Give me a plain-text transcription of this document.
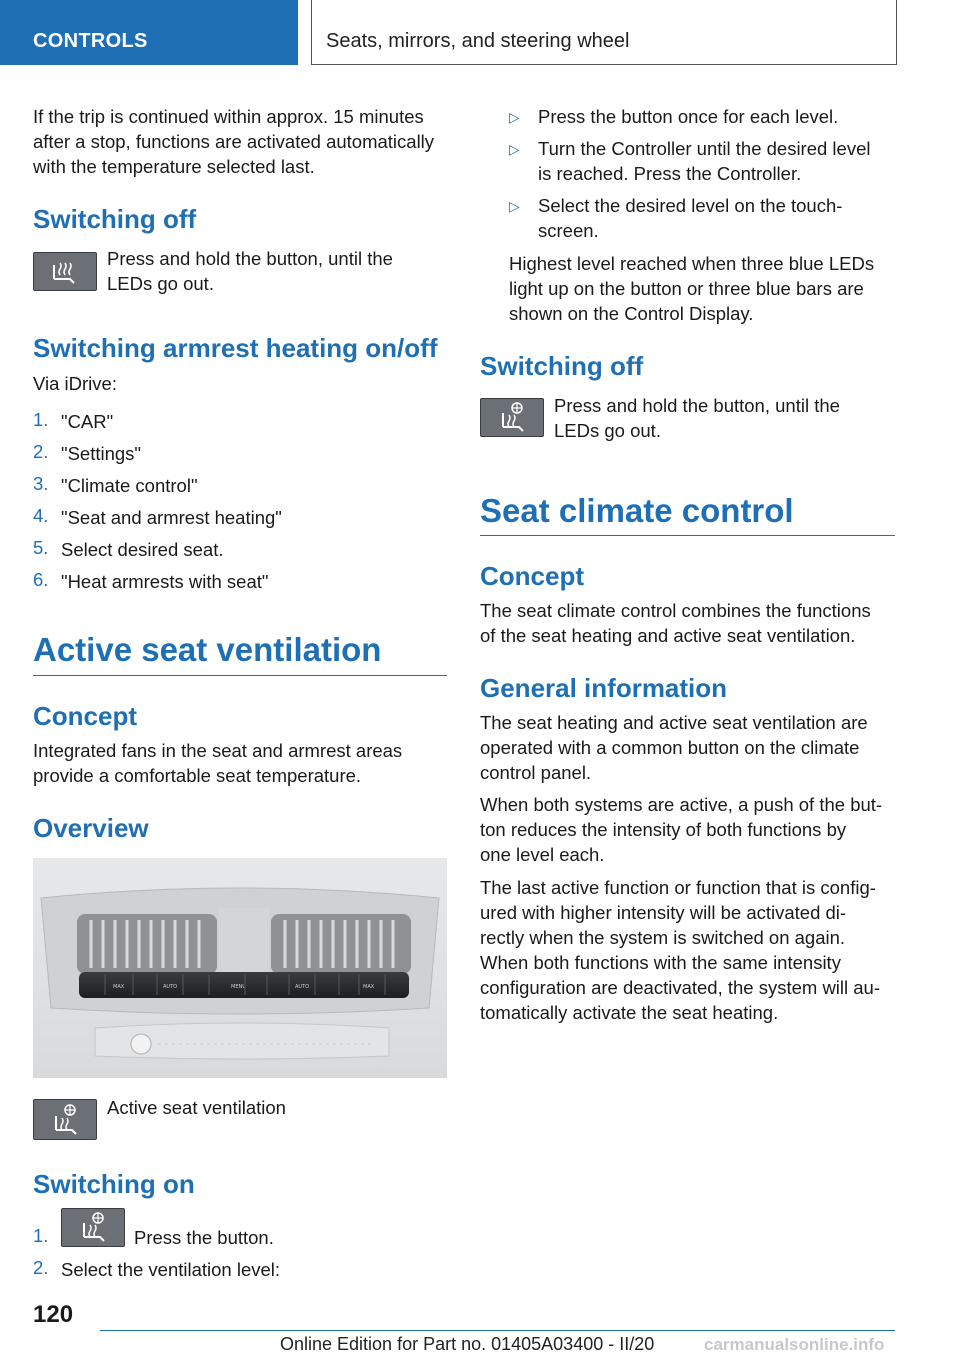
CONTROLS	Seats, mirrors, and steering wheel
If the trip is continued within approx. 15 minutes
after a stop, functions are activated automatically
with the temperature selected last.
Switching off
Press and hold the button, until the
LEDs go out.
Switching armrest heating on/off
Via iDrive:
1. "CAR"
2. "Settings"
3. "Climate control"
4. "Seat and armrest heating"
5. Select desired seat.
6. "Heat armrests with seat"
Active seat ventilation
Concept
Integrated fans in the seat and armrest areas
provide a comfortable seat temperature.
Overview
MAX	AUTO	MENU	AUTO	MAX
Active seat ventilation
Switching on
1.	Press the button.
2. Select the ventilation level:
▷ Press the button once for each level.
▷ Turn the Controller until the desired level
is reached. Press the Controller.
▷ Select the desired level on the touch-
screen.
Highest level reached when three blue LEDs
light up on the button or three blue bars are
shown on the Control Display.
Switching off
Press and hold the button, until the
LEDs go out.
Seat climate control
Concept
The seat climate control combines the functions
of the seat heating and active seat ventilation.
General information
The seat heating and active seat ventilation are
operated with a common button on the climate
control panel.
When both systems are active, a push of the but-
ton reduces the intensity of both functions by
one level each.
The last active function or function that is config-
ured with higher intensity will be activated di-
rectly when the system is switched on again.
When both functions with the same intensity
configuration are deactivated, the system will au-
tomatically activate the seat heating.
120
Online Edition for Part no. 01405A03400 - II/20	carmanualsonline.info
